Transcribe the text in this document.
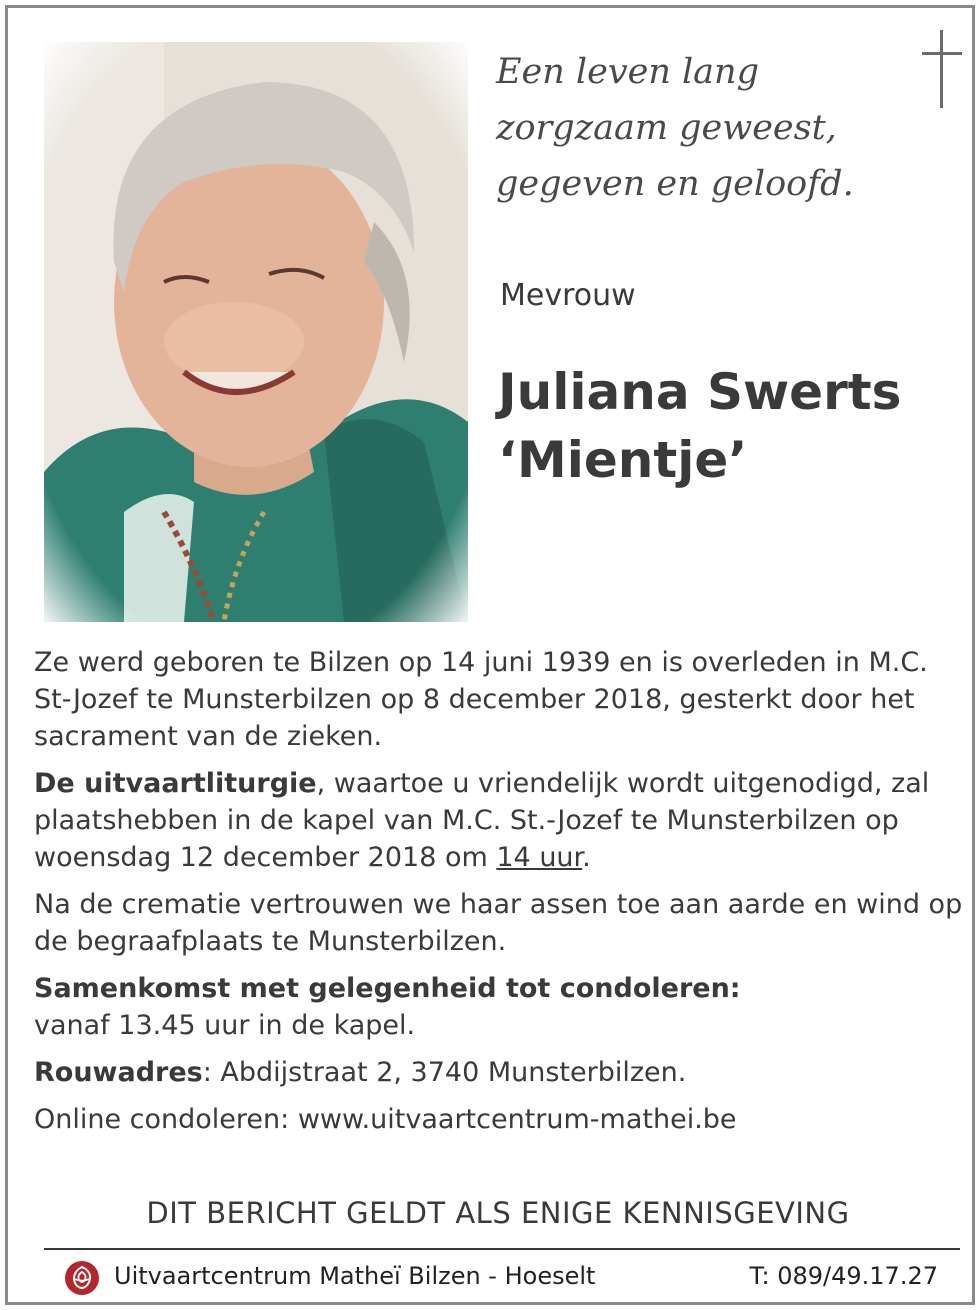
Een leven lang
zorgzaam geweest,
gegeven en geloofd.
Mevrouw
Juliana Swerts
‘Mientje’

Ze werd geboren te Bilzen op 14 juni 1939 en is overleden in M.C. St-Jozef te Munsterbilzen op 8 december 2018, gesterkt door het sacrament van de zieken.

De uitvaartliturgie, waartoe u vriendelijk wordt uitgenodigd, zal plaatshebben in de kapel van M.C. St.-Jozef te Munsterbilzen op woensdag 12 december 2018 om 14 uur.

Na de crematie vertrouwen we haar assen toe aan aarde en wind op de begraafplaats te Munsterbilzen.

Samenkomst met gelegenheid tot condoleren:
vanaf 13.45 uur in de kapel.

Rouwadres: Abdijstraat 2, 3740 Munsterbilzen.

Online condoleren: www.uitvaartcentrum-mathei.be

DIT BERICHT GELDT ALS ENIGE KENNISGEVING
Uitvaartcentrum Matheï Bilzen - Hoeselt	T: 089/49.17.27
